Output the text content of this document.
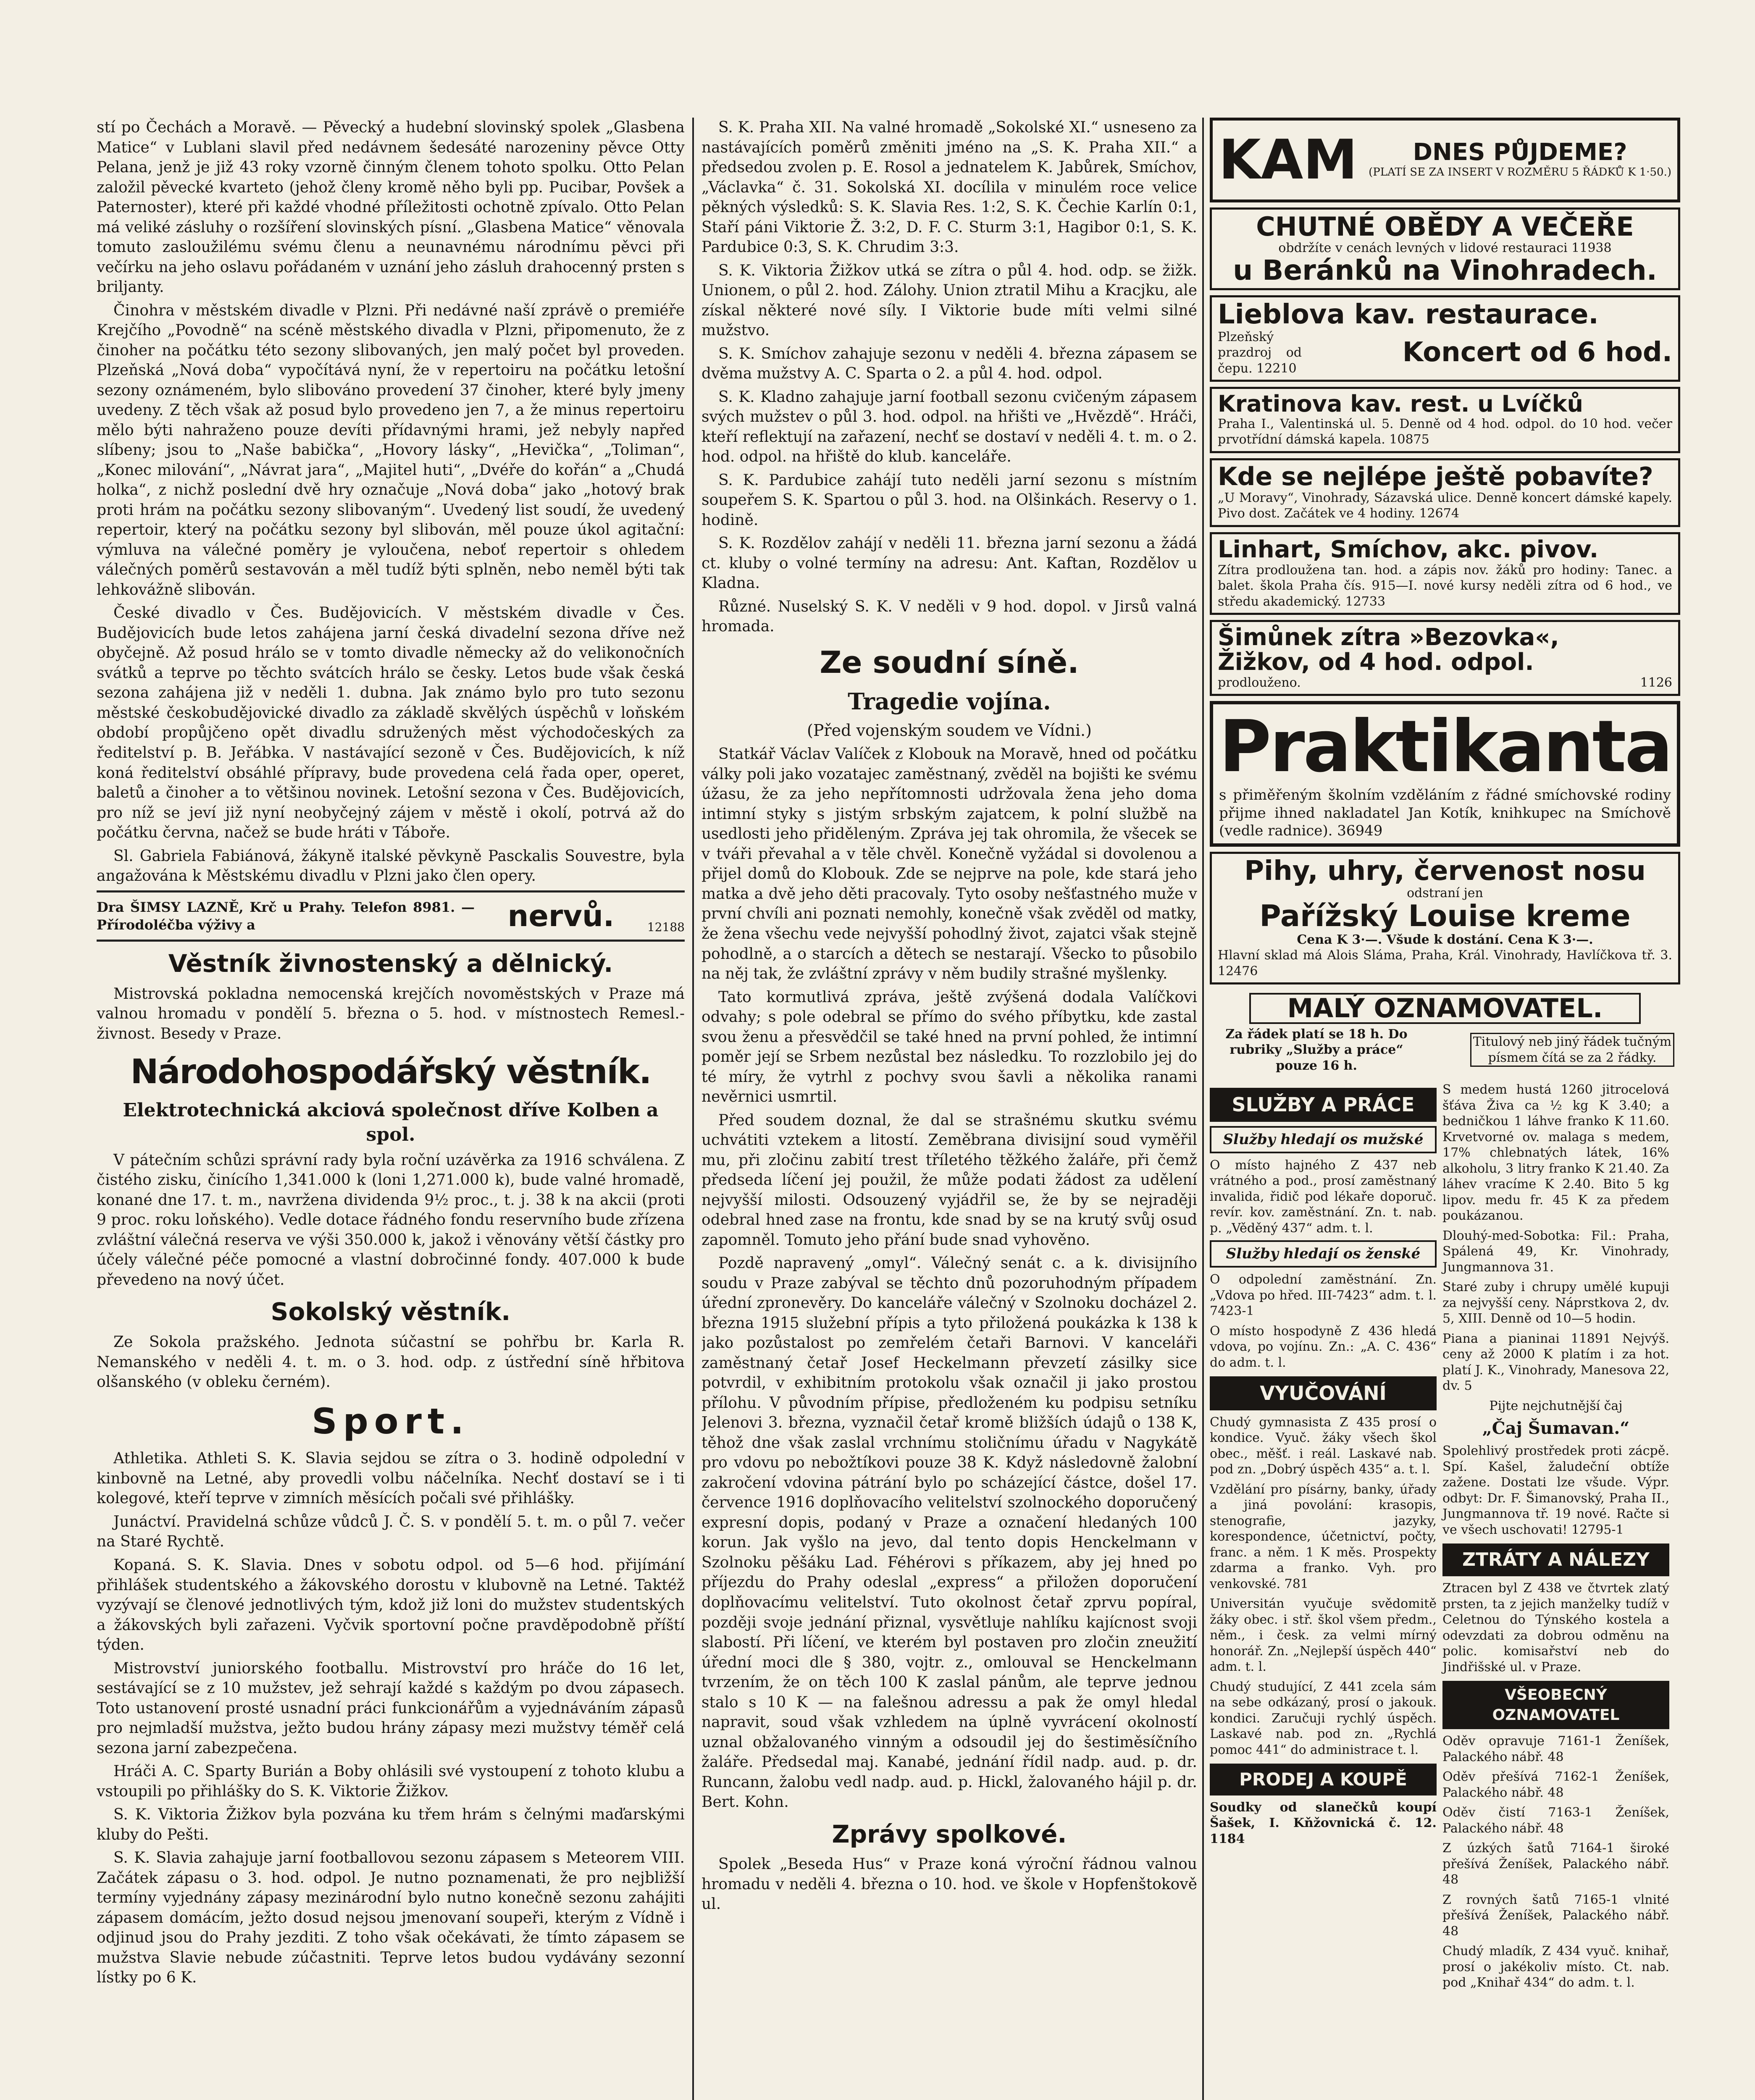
stí po Čechách a Moravě. — Pěvecký a hudební slovinský spolek „Glasbena Matice“ v Lublani slavil před nedávnem šedesáté narozeniny pěvce Otty Pelana, jenž je již 43 roky vzorně činným členem tohoto spolku. Otto Pelan založil pěvecké kvarteto (jehož členy kromě něho byli pp. Pucibar, Povšek a Paternoster), které při každé vhodné příležitosti ochotně zpívalo. Otto Pelan má veliké zásluhy o rozšíření slovinských písní. „Glasbena Matice“ věnovala tomuto zasloužilému svému členu a neunavnému národnímu pěvci při večírku na jeho oslavu pořádaném v uznání jeho zásluh drahocenný prsten s briljanty.

Činohra v městském divadle v Plzni. Při nedávné naší zprávě o premiéře Krejčího „Povodně“ na scéně městského divadla v Plzni, připomenuto, že z činoher na počátku této sezony slibovaných, jen malý počet byl proveden. Plzeňská „Nová doba“ vypočítává nyní, že v repertoiru na počátku letošní sezony oznámeném, bylo slibováno provedení 37 činoher, které byly jmeny uvedeny. Z těch však až posud bylo provedeno jen 7, a že minus repertoiru mělo býti nahraženo pouze devíti přídavnými hrami, jež nebyly napřed slíbeny; jsou to „Naše babička“, „Hovory lásky“, „Hevička“, „Toliman“, „Konec milování“, „Návrat jara“, „Majitel huti“, „Dvéře do kořán“ a „Chudá holka“, z nichž poslední dvě hry označuje „Nová doba“ jako „hotový brak proti hrám na počátku sezony slibovaným“. Uvedený list soudí, že uvedený repertoir, který na počátku sezony byl slibován, měl pouze úkol agitační: výmluva na válečné poměry je vyloučena, neboť repertoir s ohledem válečných poměrů sestavován a měl tudíž býti splněn, nebo neměl býti tak lehkovážně slibován.

České divadlo v Čes. Budějovicích. V městském divadle v Čes. Budějovicích bude letos zahájena jarní česká divadelní sezona dříve než obyčejně. Až posud hrálo se v tomto divadle německy až do velikonočních svátků a teprve po těchto svátcích hrálo se česky. Letos bude však česká sezona zahájena již v neděli 1. dubna. Jak známo bylo pro tuto sezonu městské českobudějovické divadlo za základě skvělých úspěchů v loňském období propůjčeno opět divadlu sdružených měst východočeských za ředitelství p. B. Jeřábka. V nastávající sezoně v Čes. Budějovicích, k níž koná ředitelství obsáhlé přípravy, bude provedena celá řada oper, operet, baletů a činoher a to většinou novinek. Letošní sezona v Čes. Budějovicích, pro níž se jeví již nyní neobyčejný zájem v městě i okolí, potrvá až do počátku června, načež se bude hráti v Táboře.

Sl. Gabriela Fabiánová, žákyně italské pěvkyně Pasckalis Souvestre, byla angažována k Městskému divadlu v Plzni jako člen opery.

Dra ŠIMSY LAZNĚ, Krč u Prahy. Telefon 8981. — Přírodoléčba výživy a	nervů.	12188
Věstník živnostenský a dělnický.

Mistrovská pokladna nemocenská krejčích novoměstských v Praze má valnou hromadu v pondělí 5. března o 5. hod. v místnostech Remesl.-živnost. Besedy v Praze.

Národohospodářský věstník.
Elektrotechnická akciová společnost dříve Kolben a spol.

V pátečním schůzi správní rady byla roční uzávěrka za 1916 schválena. Z čistého zisku, činícího 1,341.000 k (loni 1,271.000 k), bude valné hromadě, konané dne 17. t. m., navržena dividenda 9½ proc., t. j. 38 k na akcii (proti 9 proc. roku loňského). Vedle dotace řádného fondu reservního bude zřízena zvláštní válečná reserva ve výši 350.000 k, jakož i věnovány větší částky pro účely válečné péče pomocné a vlastní dobročinné fondy. 407.000 k bude převedeno na nový účet.

Sokolský věstník.

Ze Sokola pražského. Jednota súčastní se pohřbu br. Karla R. Nemanského v neděli 4. t. m. o 3. hod. odp. z ústřední síně hřbitova olšanského (v obleku černém).

Sport.

Athletika. Athleti S. K. Slavia sejdou se zítra o 3. hodině odpolední v kinbovně na Letné, aby provedli volbu náčelníka. Nechť dostaví se i ti kolegové, kteří teprve v zimních měsících počali své přihlášky.

Junáctví. Pravidelná schůze vůdců J. Č. S. v pondělí 5. t. m. o půl 7. večer na Staré Rychtě.

Kopaná. S. K. Slavia. Dnes v sobotu odpol. od 5—6 hod. přijímání přihlášek studentského a žákovského dorostu v klubovně na Letné. Taktéž vyzývají se členové jednotlivých tým, kdož již loni do mužstev studentských a žákovských byli zařazeni. Vyčvik sportovní počne pravděpodobně příští týden.

Mistrovství juniorského footballu. Mistrovství pro hráče do 16 let, sestávající se z 10 mužstev, jež sehrají každé s každým po dvou zápasech. Toto ustanovení prosté usnadní práci funkcionářům a vyjednáváním zápasů pro nejmladší mužstva, ježto budou hrány zápasy mezi mužstvy téměř celá sezona jarní zabezpečena.

Hráči A. C. Sparty Burián a Boby ohlásili své vystoupení z tohoto klubu a vstoupili po přihlášky do S. K. Viktorie Žižkov.

S. K. Viktoria Žižkov byla pozvána ku třem hrám s čelnými maďarskými kluby do Pešti.

S. K. Slavia zahajuje jarní footballovou sezonu zápasem s Meteorem VIII. Začátek zápasu o 3. hod. odpol. Je nutno poznamenati, že pro nejbližší termíny vyjednány zápasy mezinárodní bylo nutno konečně sezonu zahájiti zápasem domácím, ježto dosud nejsou jmenovaní soupeři, kterým z Vídně i odjinud jsou do Prahy jezditi. Z toho však očekávati, že tímto zápasem se mužstva Slavie nebude zúčastniti. Teprve letos budou vydávány sezonní lístky po 6 K.

S. K. Praha XII. Na valné hromadě „Sokolské XI.“ usneseno za nastávajících poměrů změniti jméno na „S. K. Praha XII.“ a předsedou zvolen p. E. Rosol a jednatelem K. Jabůrek, Smíchov, „Václavka“ č. 31. Sokolská XI. docílila v minulém roce velice pěkných výsledků: S. K. Slavia Res. 1:2, S. K. Čechie Karlín 0:1, Staří páni Viktorie Ž. 3:2, D. F. C. Sturm 3:1, Hagibor 0:1, S. K. Pardubice 0:3, S. K. Chrudim 3:3.

S. K. Viktoria Žižkov utká se zítra o půl 4. hod. odp. se žižk. Unionem, o půl 2. hod. Zálohy. Union ztratil Mihu a Kracjku, ale získal některé nové síly. I Viktorie bude míti velmi silné mužstvo.

S. K. Smíchov zahajuje sezonu v neděli 4. března zápasem se dvěma mužstvy A. C. Sparta o 2. a půl 4. hod. odpol.

S. K. Kladno zahajuje jarní football sezonu cvičeným zápasem svých mužstev o půl 3. hod. odpol. na hřišti ve „Hvězdě“. Hráči, kteří reflektují na zařazení, nechť se dostaví v neděli 4. t. m. o 2. hod. odpol. na hřiště do klub. kanceláře.

S. K. Pardubice zahájí tuto neděli jarní sezonu s místním soupeřem S. K. Spartou o půl 3. hod. na Olšinkách. Reservy o 1. hodině.

S. K. Rozdělov zahájí v neděli 11. března jarní sezonu a žádá ct. kluby o volné termíny na adresu: Ant. Kaftan, Rozdělov u Kladna.

Různé. Nuselský S. K. V neděli v 9 hod. dopol. v Jirsů valná hromada.

Ze soudní síně.
Tragedie vojína.
(Před vojenským soudem ve Vídni.)

Statkář Václav Valíček z Klobouk na Moravě, hned od počátku války poli jako vozatajec zaměstnaný, zvěděl na bojišti ke svému úžasu, že za jeho nepřítomnosti udržovala žena jeho doma intimní styky s jistým srbským zajatcem, k polní službě na usedlosti jeho přiděleným. Zpráva jej tak ohromila, že všecek se v tváři převahal a v těle chvěl. Konečně vyžádal si dovolenou a přijel domů do Klobouk. Zde se nejprve na pole, kde stará jeho matka a dvě jeho děti pracovaly. Tyto osoby nešťastného muže v první chvíli ani poznati nemohly, konečně však zvěděl od matky, že žena všechu vede nejvyšší pohodlný život, zajatci však stejně pohodlně, a o starcích a dětech se nestarají. Všecko to působilo na něj tak, že zvláštní zprávy v něm budily strašné myšlenky.

Tato kormutlivá zpráva, ještě zvýšená dodala Valíčkovi odvahy; s pole odebral se přímo do svého příbytku, kde zastal svou ženu a přesvědčil se také hned na první pohled, že intimní poměr její se Srbem nezůstal bez následku. To rozzlobilo jej do té míry, že vytrhl z pochvy svou šavli a několika ranami nevěrnici usmrtil.

Před soudem doznal, že dal se strašnému skutku svému uchvátiti vztekem a litostí. Zeměbrana divisijní soud vyměřil mu, při zločinu zabití trest tříletého těžkého žaláře, při čemž předseda líčení jej použil, že může podati žádost za udělení nejvyšší milosti. Odsouzený vyjádřil se, že by se nejraději odebral hned zase na frontu, kde snad by se na krutý svůj osud zapomněl. Tomuto jeho přání bude snad vyhověno.

Pozdě napravený „omyl“. Válečný senát c. a k. divisijního soudu v Praze zabýval se těchto dnů pozoruhodným případem úřední zpronevěry. Do kanceláře válečný v Szolnoku docházel 2. března 1915 služební přípis a tyto přiložená poukázka k 138 k jako pozůstalost po zemřelém četaři Barnovi. V kanceláři zaměstnaný četař Josef Heckelmann převzetí zásilky sice potvrdil, v exhibitním protokolu však označil ji jako prostou přílohu. V původním přípise, předloženém ku podpisu setníku Jelenovi 3. března, vyznačil četař kromě bližších údajů o 138 K, těhož dne však zaslal vrchnímu stoličnímu úřadu v Nagykátě pro vdovu po nebožtíkovi pouze 38 K. Když následovně žalobní zakročení vdovina pátrání bylo po scházející částce, došel 17. července 1916 doplňovacího velitelství szolnockého doporučený expresní dopis, podaný v Praze a označení hledaných 100 korun. Jak vyšlo na jevo, dal tento dopis Henckelmann v Szolnoku pěšáku Lad. Féhérovi s příkazem, aby jej hned po příjezdu do Prahy odeslal „express“ a přiložen doporučení doplňovacímu velitelství. Tuto okolnost četař zprvu popíral, později svoje jednání přiznal, vysvětluje nahlíku kajícnost svoji slabostí. Při líčení, ve kterém byl postaven pro zločin zneužití úřední moci dle § 380, vojtr. z., omlouval se Henckelmann tvrzením, že on těch 100 K zaslal pánům, ale teprve jednou stalo s 10 K — na falešnou adressu a pak že omyl hledal napravit, soud však vzhledem na úplně vyvrácení okolností uznal obžalovaného vinným a odsoudil jej do šestiměsíčního žaláře. Předsedal maj. Kanabé, jednání řídil nadp. aud. p. dr. Runcann, žalobu vedl nadp. aud. p. Hickl, žalovaného hájil p. dr. Bert. Kohn.

Zprávy spolkové.

Spolek „Beseda Hus“ v Praze koná výroční řádnou valnou hromadu v neděli 4. března o 10. hod. ve škole v Hopfenštokově ul.

KAM	DNES PŮJDEME?
(PLATÍ SE ZA INSERT V ROZMĚRU 5 ŘÁDKŮ K 1·50.)
CHUTNÉ OBĚDY A VEČEŘE
obdržíte v cenách levných v lidové restauraci 11938
u Beránků na Vinohradech.
Lieblova kav. restaurace.
Plzeňský prazdroj od čepu. 12210
Koncert od 6 hod.
Kratinova kav. rest. u Lvíčků
Praha I., Valentinská ul. 5. Denně od 4 hod. odpol. do 10 hod. večer prvotřídní dámská kapela. 10875
Kde se nejlépe ještě pobavíte?
„U Moravy“, Vinohrady, Sázavská ulice. Denně koncert dámské kapely. Pivo dost. Začátek ve 4 hodiny. 12674
Linhart, Smíchov, akc. pivov.
Zítra prodloužena tan. hod. a zápis nov. žáků pro hodiny: Tanec. a balet. škola Praha čís. 915—I. nové kursy neděli zítra od 6 hod., ve středu akademický. 12733
Šimůnek zítra »Bezovka«,
Žižkov, od 4 hod. odpol.
prodlouženo.	1126
Praktikanta
s přiměřeným školním vzděláním z řádné smíchovské rodiny přijme ihned nakladatel Jan Kotík, knihkupec na Smíchově (vedle radnice). 36949
Pihy, uhry, červenost nosu
odstraní jen
Pařížský Louise kreme
Cena K 3·—. Všude k dostání. Cena K 3·—.
Hlavní sklad má Alois Sláma, Praha, Král. Vinohrady, Havlíčkova tř. 3. 12476
MALÝ OZNAMOVATEL.
Za řádek platí se 18 h. Do rubriky „Služby a práce“ pouze 16 h.
Titulový neb jiný řádek tučným písmem čítá se za 2 řádky.
SLUŽBY A PRÁCE
Služby hledají os mužské
O místo hajného Z 437 neb vrátného a pod., prosí zaměstnaný invalida, řidič pod lékaře doporuč. revír. kov. zaměstnání. Zn. t. nab. p. „Věděný 437“ adm. t. l.
Služby hledají os ženské
O odpolední zaměstnání. Zn. „Vdova po hřed. III-7423“ adm. t. l. 7423-1
O místo hospodyně Z 436 hledá vdova, po vojínu. Zn.: „A. C. 436“ do adm. t. l.
VYUČOVÁNÍ
Chudý gymnasista Z 435 prosí o kondice. Vyuč. žáky všech škol obec., měšť. i reál. Laskavé nab. pod zn. „Dobrý úspěch 435“ a. t. l.
Vzdělání pro písárny, banky, úřady a jiná povolání: krasopis, stenografie, jazyky, korespondence, účetnictví, počty, franc. a něm. 1 K měs. Prospekty zdarma a franko. Vyh. pro venkovské. 781
Universitán vyučuje svědomitě žáky obec. i stř. škol všem předm., něm., i česk. za velmi mírný honorář. Zn. „Nejlepší úspěch 440“ adm. t. l.
Chudý studující, Z 441 zcela sám na sebe odkázaný, prosí o jakouk. kondici. Zaručuji rychlý úspěch. Laskavé nab. pod zn. „Rychlá pomoc 441“ do administrace t. l.
PRODEJ A KOUPĚ
Soudky od slanečků koupí Šašek, I. Kňžovnická č. 12. 1184
S medem hustá 1260 jitrocelová šťáva Živa ca ½ kg K 3.40; a bedničkou 1 láhve franko K 11.60. Krvetvorné ov. malaga s medem, 17% chlebnatých látek, 16% alkoholu, 3 litry franko K 21.40. Za láhev vracíme K 2.40. Bito 5 kg lipov. medu fr. 45 K za předem poukázanou.
Dlouhý-med-Sobotka: Fil.: Praha, Spálená 49, Kr. Vinohrady, Jungmannova 31.
Staré zuby i chrupy umělé kupuji za nejvyšší ceny. Náprstkova 2, dv. 5, XIII. Denně od 10—5 hodin.
Piana a pianinai 11891 Nejvýš. ceny až 2000 K platím i za hot. platí J. K., Vinohrady, Manesova 22, dv. 5
Pijte nejchutnější čaj
„Čaj Šumavan.“
Spolehlivý prostředek proti zácpě. Spí. Kašel, žaludeční obtíže zažene. Dostati lze všude. Výpr. odbyt: Dr. F. Šimanovský, Praha II., Jungmannova tř. 19 nové. Račte si ve všech uschovati! 12795-1
ZTRÁTY A NÁLEZY
Ztracen byl Z 438 ve čtvrtek zlatý prsten, ta z jejich manželky tudíž v Celetnou do Týnského kostela a odevzdati za dobrou odměnu na polic. komisařství neb do Jindřišské ul. v Praze.
VŠEOBECNÝ OZNAMOVATEL
Oděv opravuje 7161-1 Ženíšek, Palackého nábř. 48
Oděv přešívá 7162-1 Ženíšek, Palackého nábř. 48
Oděv čistí 7163-1 Ženíšek, Palackého nábř. 48
Z úzkých šatů 7164-1 široké přešívá Ženíšek, Palackého nábř. 48
Z rovných šatů 7165-1 vlnité přešívá Ženíšek, Palackého nábř. 48
Chudý mladík, Z 434 vyuč. knihař, prosí o jakékoliv místo. Ct. nab. pod „Knihař 434“ do adm. t. l.
